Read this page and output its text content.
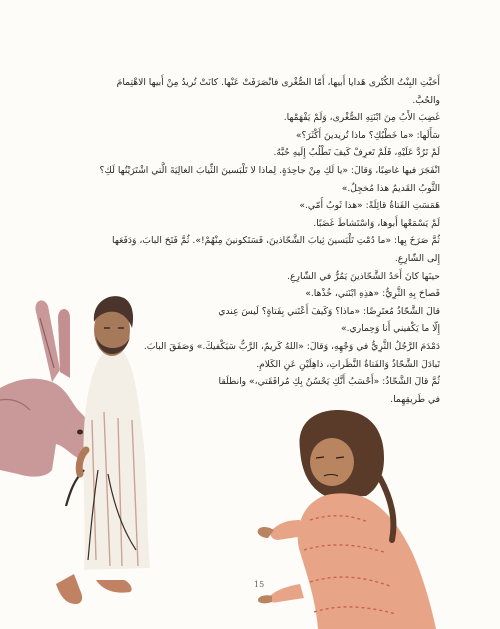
أَحَبَّتِ البِنْتُ الكُبْرى هَدايا أَبيها، أَمّا الصُّغْرى فانْصَرَفَتْ عَنْها. كانَتْ تُريدُ مِنْ أَبيها الاهْتِمامَ
والحُبَّ.
غَضِبَ الأَبُ مِنَ ابْنَتِهِ الصُّغْرى، وَلَمْ يَفْهَمْها.
سَأَلَها: «ما خَطْبُكِ؟ ماذا تُريدينَ أَكْثَرَ؟»
لَمْ تَرُدَّ عَلَيْهِ، فَلَمْ تَعرِفْ كَيفَ تَطْلُبُ إِلَيهِ حُبَّهُ.
انْفَجَرَ فيها غاضِبًا، وَقالَ: «يا لَكِ مِنْ جاحِدَةٍ. لِماذا لا تَلْبَسينَ الثِّيابَ الغالِيَةَ الَّتي اشْتَرَيْتُها لَكِ؟
الثَّوبُ القَديمُ هذا مُخجِلٌ.»
هَمَسَتِ الفَتاةُ قائِلَةً: «هذا ثَوبُ أُمّي.»
لَمْ يَسْمَعْها أَبوها، وَاسْتَشاطَ غَضَبًا.
ثُمَّ صَرَخَ بِها: «ما دُمْتِ تَلْبَسينَ ثِيابَ الشَّحّاذينَ، فَسَتَكونينَ مِنْهُمْ!». ثُمَّ فَتَحَ البابَ، وَدَفَعَها
إِلى الشّارِعِ.
حينَها كانَ أَحَدُ الشَّحّاذينَ يَمُرُّ في الشّارِعِ.
فَصاحَ بِهِ الثَّرِيُّ: «هذِهِ ابْنَتي، خُذْها.»
قالَ الشَّحّاذُ مُعتَرِضًا: «ماذا؟ وَكَيفَ أَعْتَني بِفَتاةٍ؟ لَيسَ عِندي
إِلّا ما يَكْفيني أَنا وَحِماري.»
دَمْدَمَ الرَّجُلُ الثَّرِيُّ في وَجْهِهِ، وَقالَ: «اللهُ كَريمٌ، الرَّبُّ سَيَكْفيكَ.» وَصَفَقَ البابَ.
تَبادَلَ الشَّحّاذُ وَالفَتاةُ النَّظَراتِ، ذاهِلَيْنِ عَنِ الكَلامِ.
ثُمَّ قالَ الشَّحّاذُ: «أَحْسَبُ أَنَّكِ يَحْسُنُ بِكِ مُرافَقَتي،» وانطلَقا
في طَريقِهِما.
15
